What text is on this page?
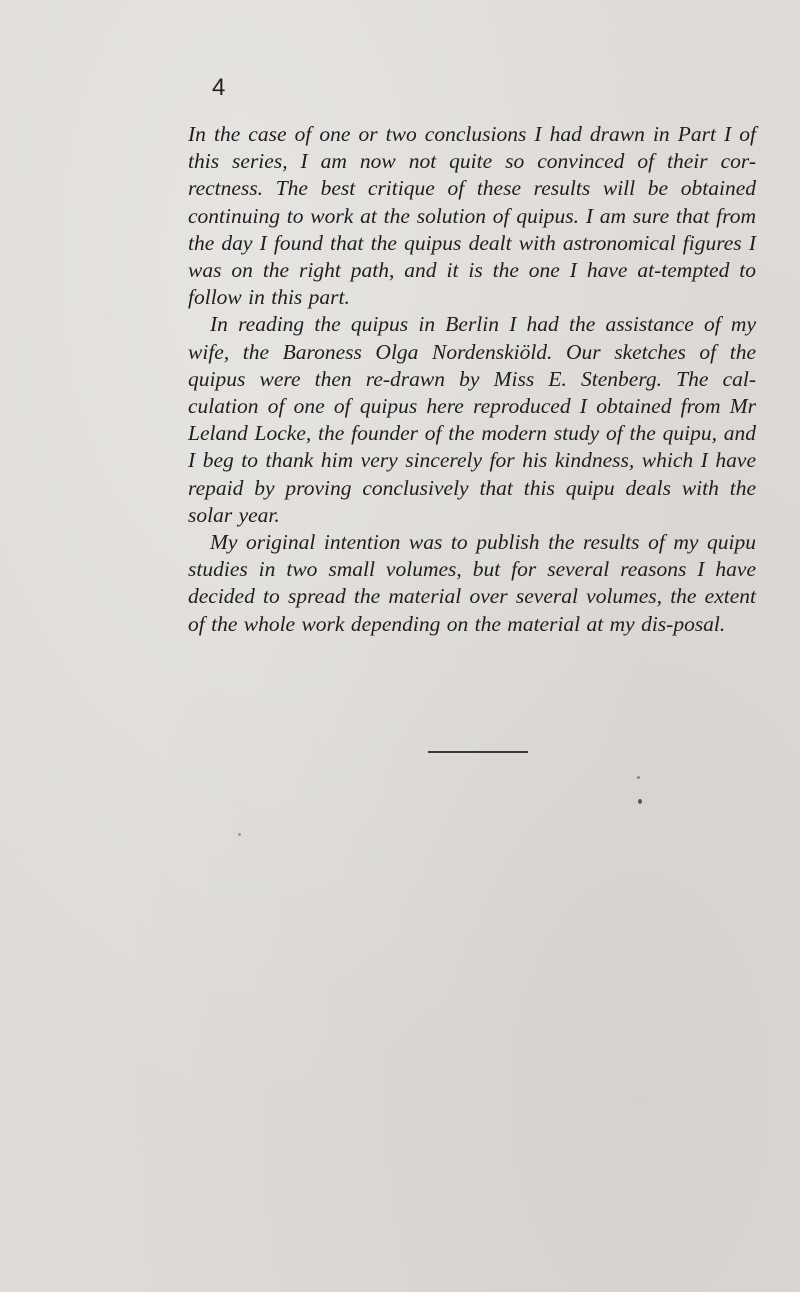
4

In the case of one or two conclusions I had drawn in Part I of this series, I am now not quite so convinced of their cor-rectness. The best critique of these results will be obtained continuing to work at the solution of quipus. I am sure that from the day I found that the quipus dealt with astronomical figures I was on the right path, and it is the one I have at-tempted to follow in this part.

In reading the quipus in Berlin I had the assistance of my wife, the Baroness Olga Nordenskiöld. Our sketches of the quipus were then re-drawn by Miss E. Stenberg. The cal-culation of one of quipus here reproduced I obtained from Mr Leland Locke, the founder of the modern study of the quipu, and I beg to thank him very sincerely for his kindness, which I have repaid by proving conclusively that this quipu deals with the solar year.

My original intention was to publish the results of my quipu studies in two small volumes, but for several reasons I have decided to spread the material over several volumes, the extent of the whole work depending on the material at my dis-posal.
